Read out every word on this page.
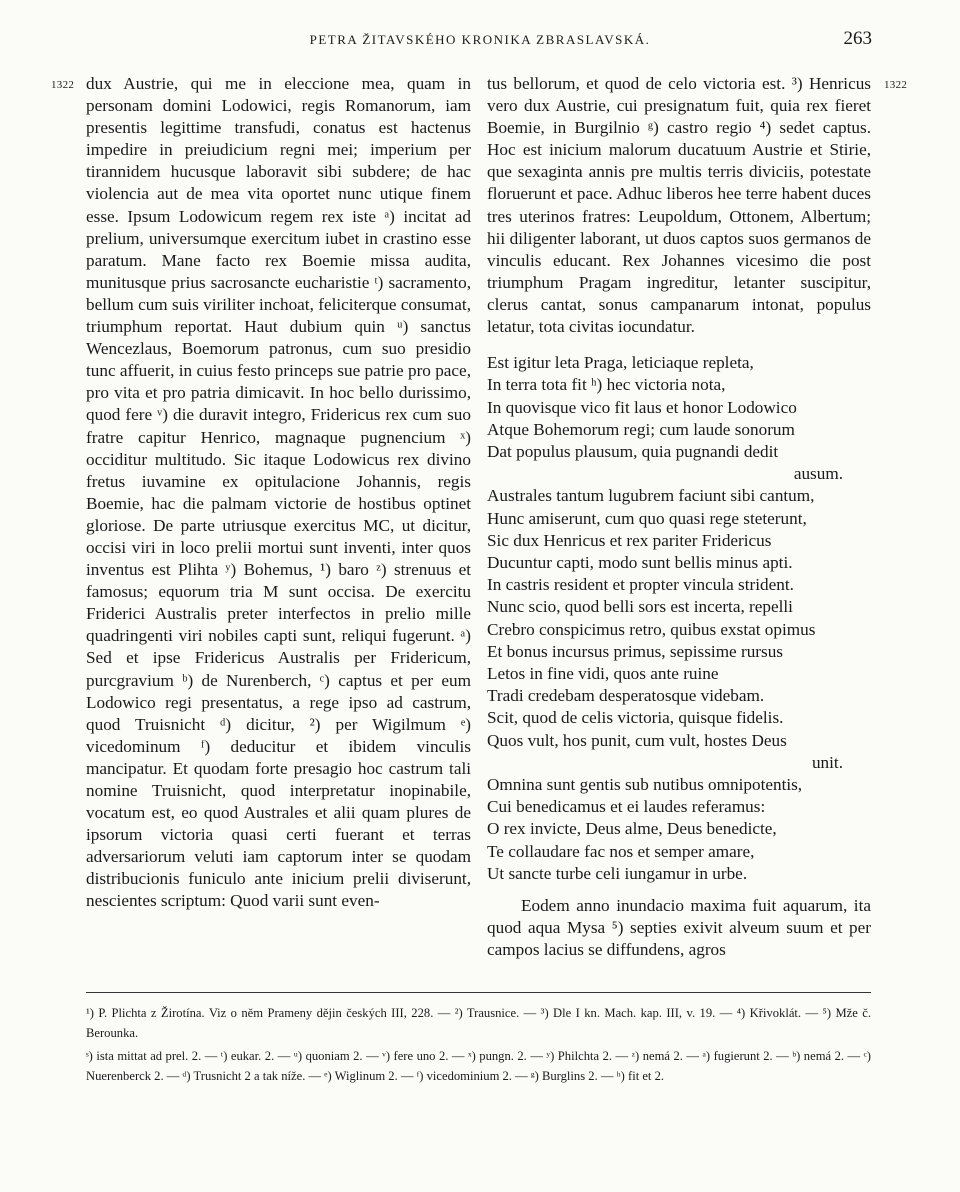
PETRA ŽITAVSKÉHO KRONIKA ZBRASLAVSKÁ.	263
1322	1322

dux Austrie, qui me in eleccione mea, quam in personam domini Lodowici, regis Romanorum, iam presentis legittime transfudi, conatus est hactenus impedire in preiudicium regni mei; imperium per tirannidem hucusque laboravit sibi subdere; de hac violencia aut de mea vita oportet nunc utique finem esse. Ipsum Lodowicum regem rex iste ᵃ) incitat ad prelium, universumque exercitum iubet in crastino esse paratum. Mane facto rex Boemie missa audita, munitusque prius sacrosancte eucharistie ᵗ) sacramento, bellum cum suis viriliter inchoat, feliciterque consumat, triumphum reportat. Haut dubium quin ᵘ) sanctus Wencezlaus, Boemorum patronus, cum suo presidio tunc affuerit, in cuius festo princeps sue patrie pro pace, pro vita et pro patria dimicavit. In hoc bello durissimo, quod fere ᵛ) die duravit integro, Fridericus rex cum suo fratre capitur Henrico, magnaque pugnencium ˣ) occiditur multitudo. Sic itaque Lodowicus rex divino fretus iuvamine ex opitulacione Johannis, regis Boemie, hac die palmam victorie de hostibus optinet gloriose. De parte utriusque exercitus MC, ut dicitur, occisi viri in loco prelii mortui sunt inventi, inter quos inventus est Plihta ʸ) Bohemus, ¹) baro ᶻ) strenuus et famosus; equorum tria M sunt occisa. De exercitu Friderici Australis preter interfectos in prelio mille quadringenti viri nobiles capti sunt, reliqui fugerunt. ᵃ) Sed et ipse Fridericus Australis per Fridericum, purcgravium ᵇ) de Nurenberch, ᶜ) captus et per eum Lodowico regi presentatus, a rege ipso ad castrum, quod Truisnicht ᵈ) dicitur, ²) per Wigilmum ᵉ) vicedominum ᶠ) deducitur et ibidem vinculis mancipatur. Et quodam forte presagio hoc castrum tali nomine Truisnicht, quod interpretatur inopinabile, vocatum est, eo quod Australes et alii quam plures de ipsorum victoria quasi certi fuerant et terras adversariorum veluti iam captorum inter se quodam distribucionis funiculo ante inicium prelii diviserunt, nescientes scriptum: Quod varii sunt even-

tus bellorum, et quod de celo victoria est. ³) Henricus vero dux Austrie, cui presignatum fuit, quia rex fieret Boemie, in Burgilnio ᵍ) castro regio ⁴) sedet captus. Hoc est inicium malorum ducatuum Austrie et Stirie, que sexaginta annis pre multis terris diviciis, potestate floruerunt et pace. Adhuc liberos hee terre habent duces tres uterinos fratres: Leupoldum, Ottonem, Albertum; hii diligenter laborant, ut duos captos suos germanos de vinculis educant. Rex Johannes vicesimo die post triumphum Pragam ingreditur, letanter suscipitur, clerus cantat, sonus campanarum intonat, populus letatur, tota civitas iocundatur.

Est igitur leta Praga, leticiaque repleta,
In terra tota fit ʰ) hec victoria nota,
In quovisque vico fit laus et honor Lodowico
Atque Bohemorum regi; cum laude sonorum
Dat populus plausum, quia pugnandi dedit
ausum.
Australes tantum lugubrem faciunt sibi cantum,
Hunc amiserunt, cum quo quasi rege steterunt,
Sic dux Henricus et rex pariter Fridericus
Ducuntur capti, modo sunt bellis minus apti.
In castris resident et propter vincula strident.
Nunc scio, quod belli sors est incerta, repelli
Crebro conspicimus retro, quibus exstat opimus
Et bonus incursus primus, sepissime rursus
Letos in fine vidi, quos ante ruine
Tradi credebam desperatosque videbam.
Scit, quod de celis victoria, quisque fidelis.
Quos vult, hos punit, cum vult, hostes Deus
unit.
Omnina sunt gentis sub nutibus omnipotentis,
Cui benedicamus et ei laudes referamus:
O rex invicte, Deus alme, Deus benedicte,
Te collaudare fac nos et semper amare,
Ut sancte turbe celi iungamur in urbe.

Eodem anno inundacio maxima fuit aquarum, ita quod aqua Mysa ⁵) septies exivit alveum suum et per campos lacius se diffundens, agros

¹) P. Plichta z Žirotína. Viz o něm Prameny dějin českých III, 228. — ²) Trausnice. — ³) Dle I kn. Mach. kap. III, v. 19. — ⁴) Křivoklát. — ⁵) Mže č. Berounka.

ˢ) ista mittat ad prel. 2. — ᵗ) eukar. 2. — ᵘ) quoniam 2. — ᵛ) fere uno 2. — ˣ) pungn. 2. — ʸ) Philchta 2. — ᶻ) nemá 2. — ᵃ) fugierunt 2. — ᵇ) nemá 2. — ᶜ) Nuerenberck 2. — ᵈ) Trusnicht 2 a tak níže. — ᵉ) Wiglinum 2. — ᶠ) vicedominium 2. — ᵍ) Burglins 2. — ʰ) fit et 2.
